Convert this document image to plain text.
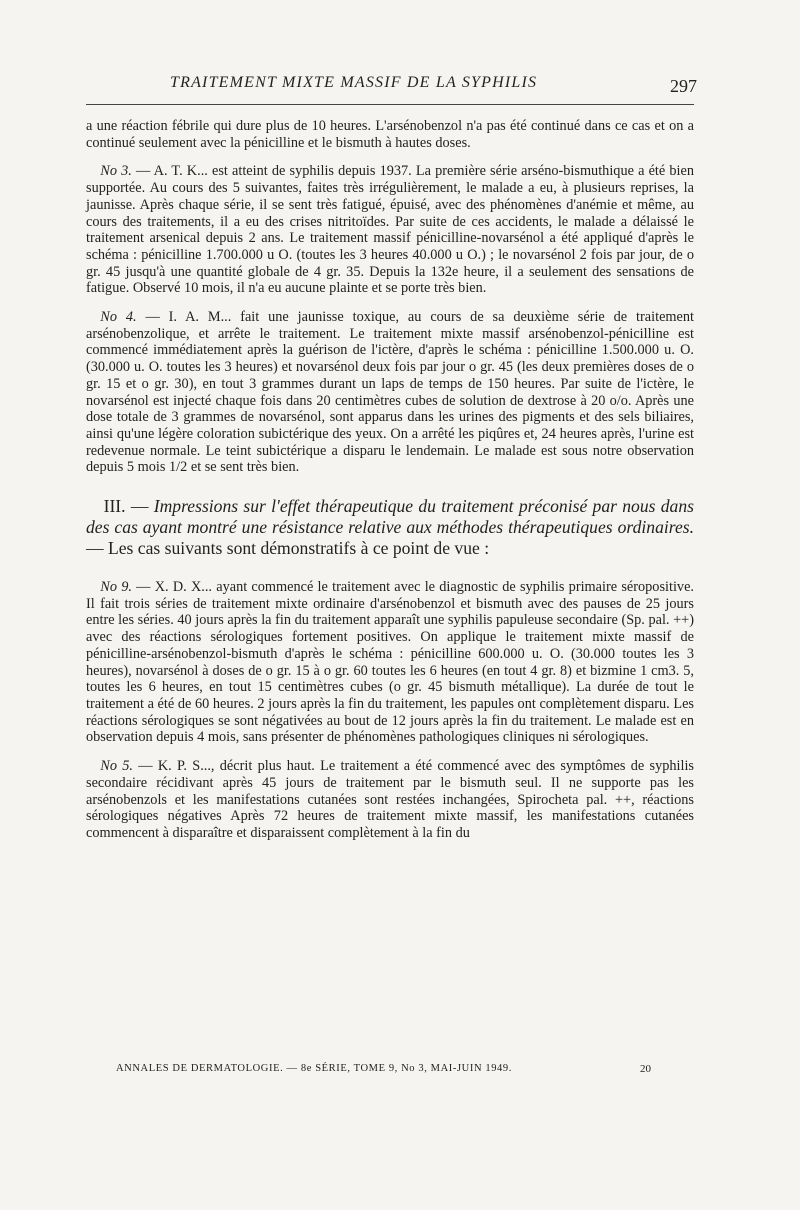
TRAITEMENT MIXTE MASSIF DE LA SYPHILIS	297

a une réaction fébrile qui dure plus de 10 heures. L'arsénobenzol n'a pas été continué dans ce cas et on a continué seulement avec la pénicilline et le bismuth à hautes doses.

 No 3. — A. T. K... est atteint de syphilis depuis 1937. La première série arséno-bismuthique a été bien supportée. Au cours des 5 suivantes, faites très irrégulièrement, le malade a eu, à plusieurs reprises, la jaunisse. Après chaque série, il se sent très fatigué, épuisé, avec des phénomènes d'anémie et même, au cours des traitements, il a eu des crises nitritoïdes. Par suite de ces accidents, le malade a délaissé le traitement arsenical depuis 2 ans. Le traitement massif pénicilline-novarsénol a été appliqué d'après le schéma : pénicilline 1.700.000 u O. (toutes les 3 heures 40.000 u O.) ; le novarsénol 2 fois par jour, de o gr. 45 jusqu'à une quantité globale de 4 gr. 35. Depuis la 132e heure, il a seulement des sensations de fatigue. Observé 10 mois, il n'a eu aucune plainte et se porte très bien.

 No 4. — I. A. M... fait une jaunisse toxique, au cours de sa deuxième série de traitement arsénobenzolique, et arrête le traitement. Le traitement mixte massif arsénobenzol-pénicilline est commencé immédiatement après la guérison de l'ictère, d'après le schéma : pénicilline 1.500.000 u. O. (30.000 u. O. toutes les 3 heures) et novarsénol deux fois par jour o gr. 45 (les deux premières doses de o gr. 15 et o gr. 30), en tout 3 grammes durant un laps de temps de 150 heures. Par suite de l'ictère, le novarsénol est injecté chaque fois dans 20 centimètres cubes de solution de dextrose à 20 o/o. Après une dose totale de 3 grammes de novarsénol, sont apparus dans les urines des pigments et des sels biliaires, ainsi qu'une légère coloration subictérique des yeux. On a arrêté les piqûres et, 24 heures après, l'urine est redevenue normale. Le teint subictérique a disparu le lendemain. Le malade est sous notre observation depuis 5 mois 1/2 et se sent très bien.

 III. — Impressions sur l'effet thérapeutique du traitement préconisé par nous dans des cas ayant montré une résistance relative aux méthodes thérapeutiques ordinaires. — Les cas suivants sont démonstratifs à ce point de vue :

 No 9. — X. D. X... ayant commencé le traitement avec le diagnostic de syphilis primaire séropositive. Il fait trois séries de traitement mixte ordinaire d'arsénobenzol et bismuth avec des pauses de 25 jours entre les séries. 40 jours après la fin du traitement apparaît une syphilis papuleuse secondaire (Sp. pal. ++) avec des réactions sérologiques fortement positives. On applique le traitement mixte massif de pénicilline-arsénobenzol-bismuth d'après le schéma : pénicilline 600.000 u. O. (30.000 toutes les 3 heures), novarsénol à doses de o gr. 15 à o gr. 60 toutes les 6 heures (en tout 4 gr. 8) et bizmine 1 cm3. 5, toutes les 6 heures, en tout 15 centimètres cubes (o gr. 45 bismuth métallique). La durée de tout le traitement a été de 60 heures. 2 jours après la fin du traitement, les papules ont complètement disparu. Les réactions sérologiques se sont négativées au bout de 12 jours après la fin du traitement. Le malade est en observation depuis 4 mois, sans présenter de phénomènes pathologiques cliniques ni sérologiques.

 No 5. — K. P. S..., décrit plus haut. Le traitement a été commencé avec des symptômes de syphilis secondaire récidivant après 45 jours de traitement par le bismuth seul. Il ne supporte pas les arsénobenzols et les manifestations cutanées sont restées inchangées, Spirocheta pal. ++, réactions sérologiques négatives Après 72 heures de traitement mixte massif, les manifestations cutanées commencent à disparaître et disparaissent complètement à la fin du

ANNALES DE DERMATOLOGIE. — 8e SÉRIE, TOME 9, No 3, MAI-JUIN 1949.	20
